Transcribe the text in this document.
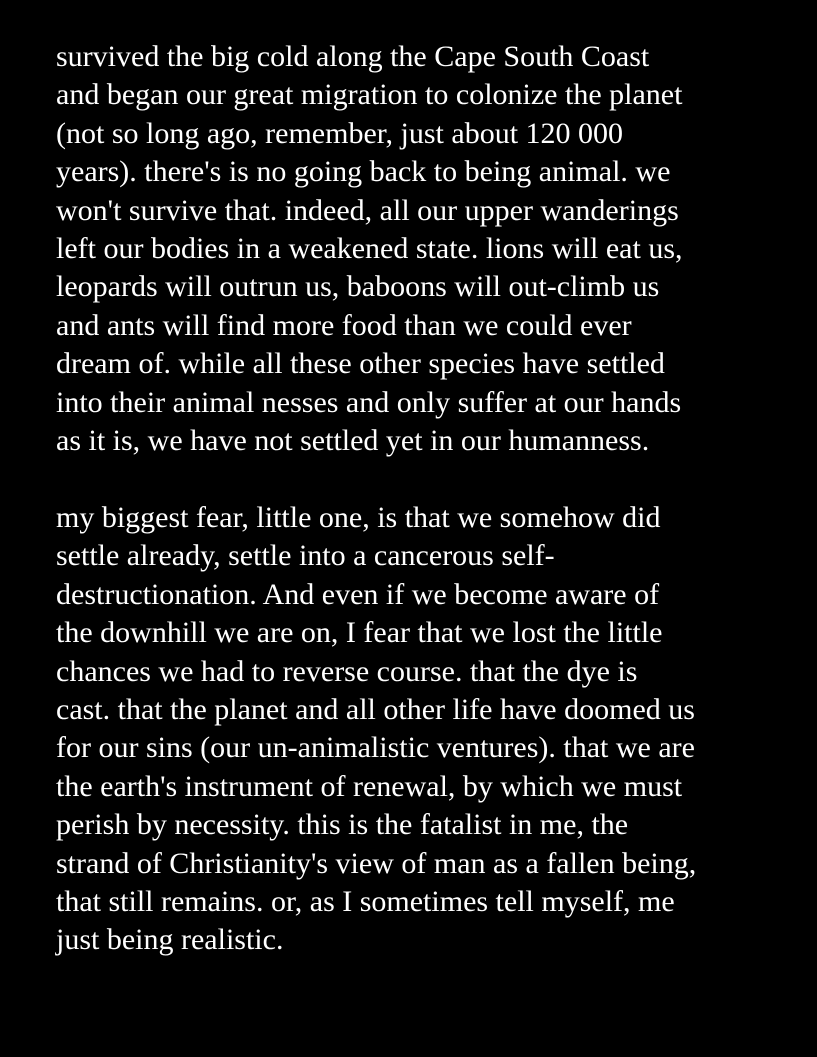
survived the big cold along the Cape South Coast
and began our great migration to colonize the planet
(not so long ago, remember, just about 120 000
years). there's is no going back to being animal. we
won't survive that. indeed, all our upper wanderings
left our bodies in a weakened state. lions will eat us,
leopards will outrun us, baboons will out-climb us
and ants will find more food than we could ever
dream of. while all these other species have settled
into their animal nesses and only suffer at our hands
as it is, we have not settled yet in our humanness.
my biggest fear, little one, is that we somehow did
settle already, settle into a cancerous self-
destructionation. And even if we become aware of
the downhill we are on, I fear that we lost the little
chances we had to reverse course. that the dye is
cast. that the planet and all other life have doomed us
for our sins (our un-animalistic ventures). that we are
the earth's instrument of renewal, by which we must
perish by necessity. this is the fatalist in me, the
strand of Christianity's view of man as a fallen being,
that still remains. or, as I sometimes tell myself, me
just being realistic.
